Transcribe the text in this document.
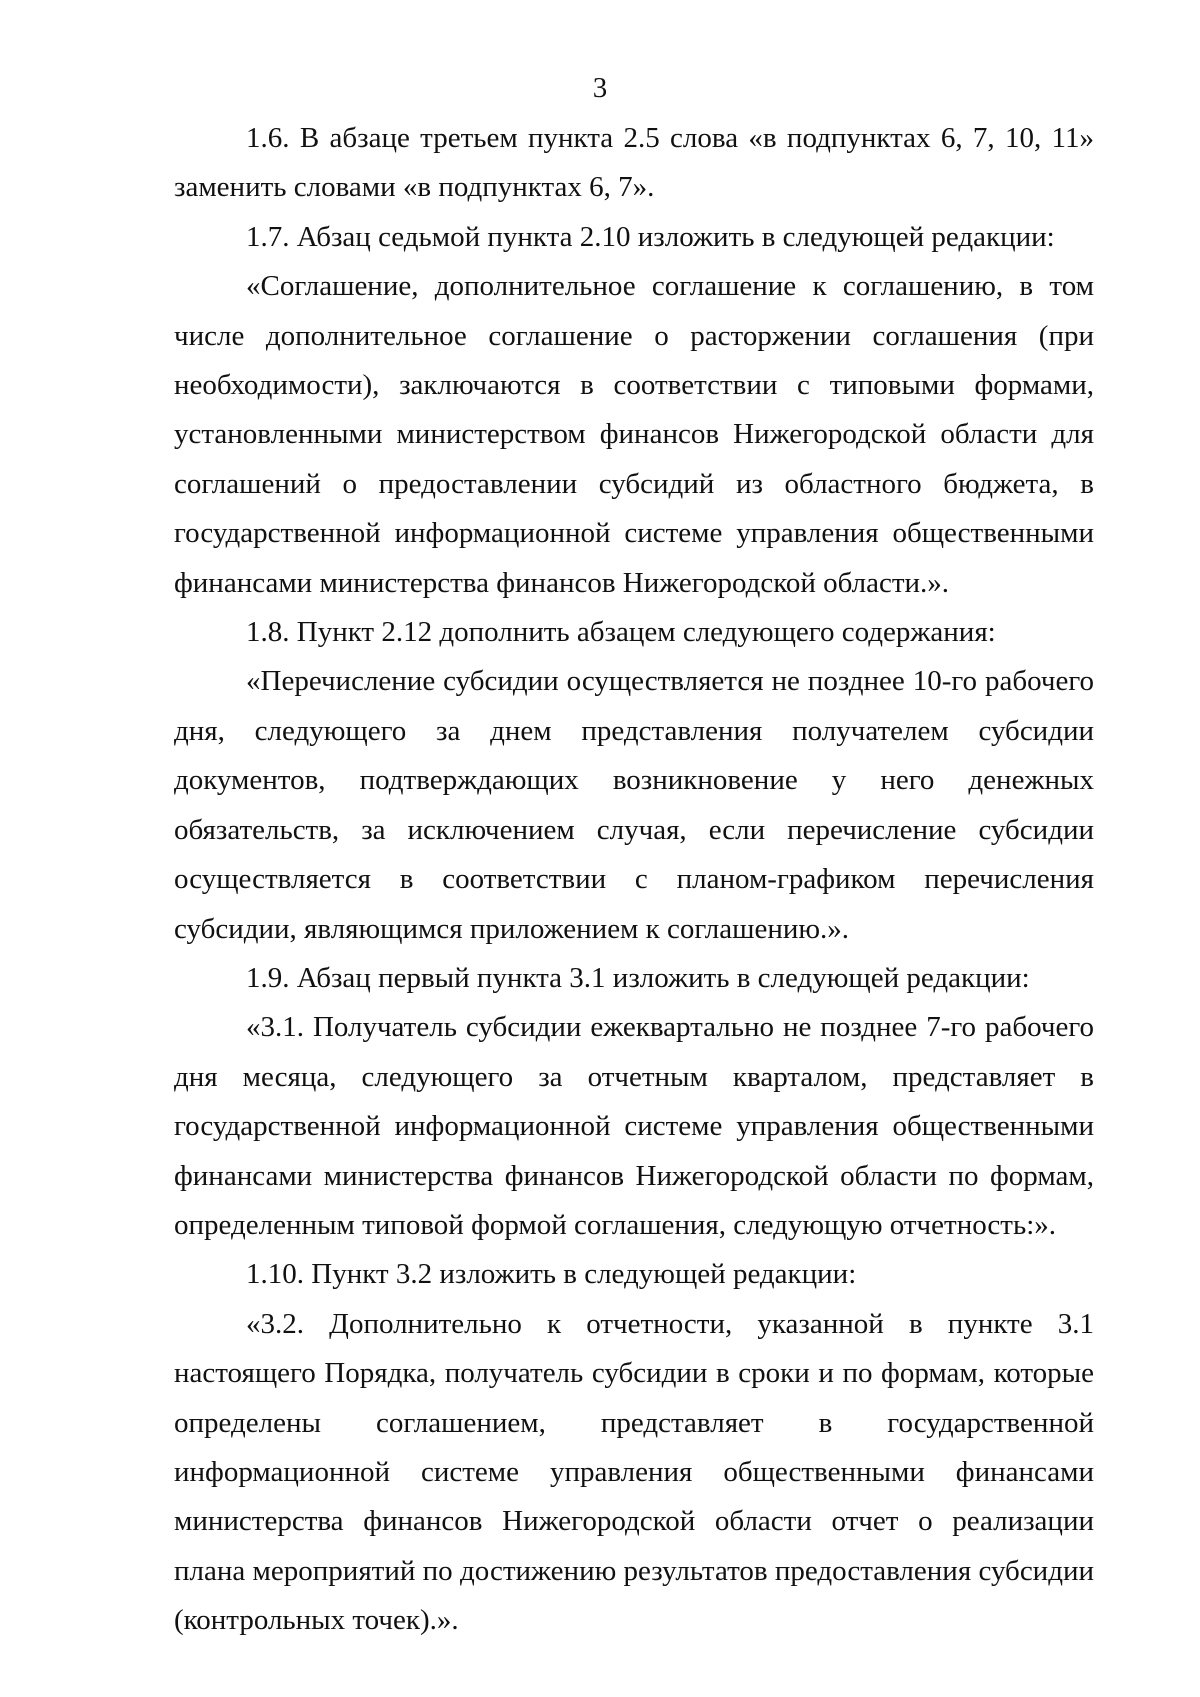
3

1.6. В абзаце третьем пункта 2.5 слова «в подпунктах 6, 7, 10, 11» заменить словами «в подпунктах 6, 7».

1.7. Абзац седьмой пункта 2.10 изложить в следующей редакции:

«Соглашение, дополнительное соглашение к соглашению, в том числе дополнительное соглашение о расторжении соглашения (при необходимости), заключаются в соответствии с типовыми формами, установленными министерством финансов Нижегородской области для соглашений о предоставлении субсидий из областного бюджета, в государственной информационной системе управления общественными финансами министерства финансов Нижегородской области.».

1.8. Пункт 2.12 дополнить абзацем следующего содержания:

«Перечисление субсидии осуществляется не позднее 10-го рабочего дня, следующего за днем представления получателем субсидии документов, подтверждающих возникновение у него денежных обязательств, за исключением случая, если перечисление субсидии осуществляется в соответствии с планом-графиком перечисления субсидии, являющимся приложением к соглашению.».

1.9. Абзац первый пункта 3.1 изложить в следующей редакции:

«3.1. Получатель субсидии ежеквартально не позднее 7-го рабочего дня месяца, следующего за отчетным кварталом, представляет в государственной информационной системе управления общественными финансами министерства финансов Нижегородской области по формам, определенным типовой формой соглашения, следующую отчетность:».

1.10. Пункт 3.2 изложить в следующей редакции:

«3.2. Дополнительно к отчетности, указанной в пункте 3.1 настоящего Порядка, получатель субсидии в сроки и по формам, которые определены соглашением, представляет в государственной информационной системе управления общественными финансами министерства финансов Нижегородской области отчет о реализации плана мероприятий по достижению результатов предоставления субсидии (контрольных точек).».
